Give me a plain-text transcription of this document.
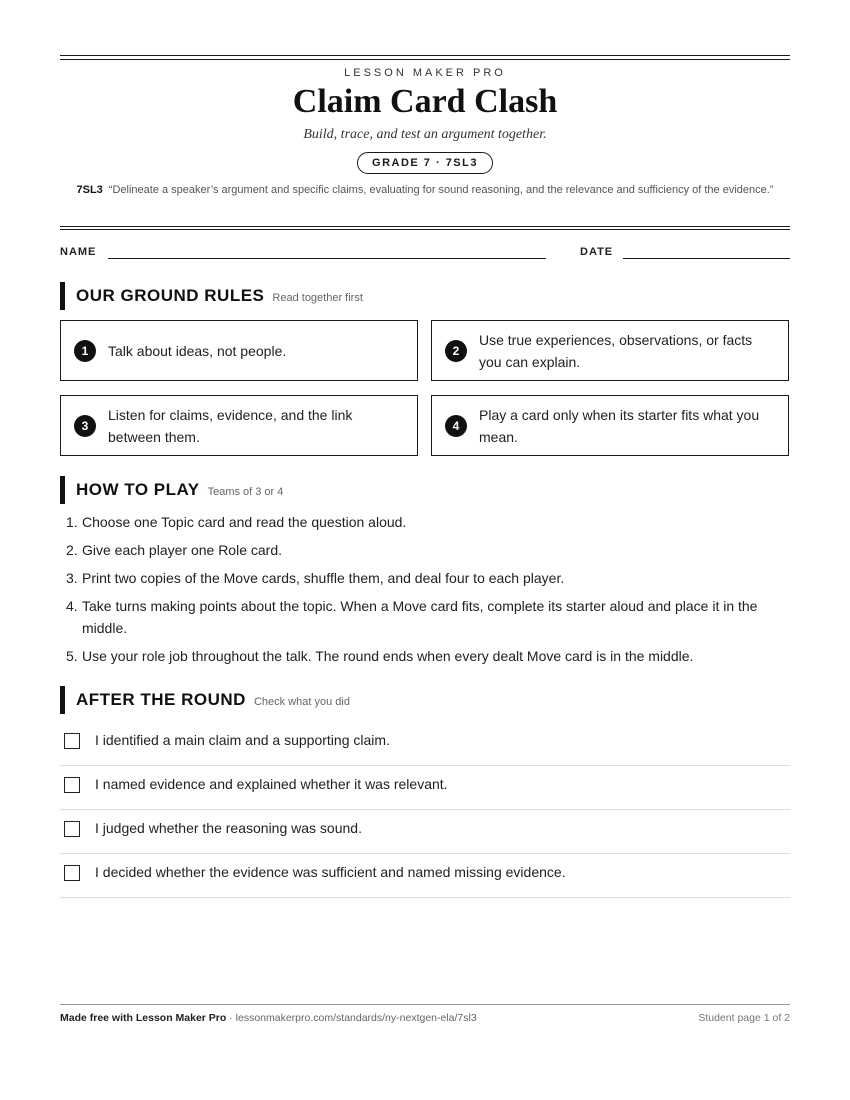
LESSON MAKER PRO
Claim Card Clash
Build, trace, and test an argument together.
GRADE 7 · 7SL3
7SL3 “Delineate a speaker’s argument and specific claims, evaluating for sound reasoning, and the relevance and sufficiency of the evidence.”
NAME	DATE
OUR GROUND RULES Read together first
1	Talk about ideas, not people.	2
Use true experiences, observations, or facts you can explain.
3
Listen for claims, evidence, and the link between them.
4
Play a card only when its starter fits what you mean.
HOW TO PLAY Teams of 3 or 4
1. Choose one Topic card and read the question aloud.
2. Give each player one Role card.
3. Print two copies of the Move cards, shuffle them, and deal four to each player.
4. Take turns making points about the topic. When a Move card fits, complete its starter aloud and place it in the middle.
5. Use your role job throughout the talk. The round ends when every dealt Move card is in the middle.
AFTER THE ROUND Check what you did
I identified a main claim and a supporting claim.
I named evidence and explained whether it was relevant.
I judged whether the reasoning was sound.
I decided whether the evidence was sufficient and named missing evidence.
Made free with Lesson Maker Pro · lessonmakerpro.com/standards/ny-nextgen-ela/7sl3	Student page 1 of 2
